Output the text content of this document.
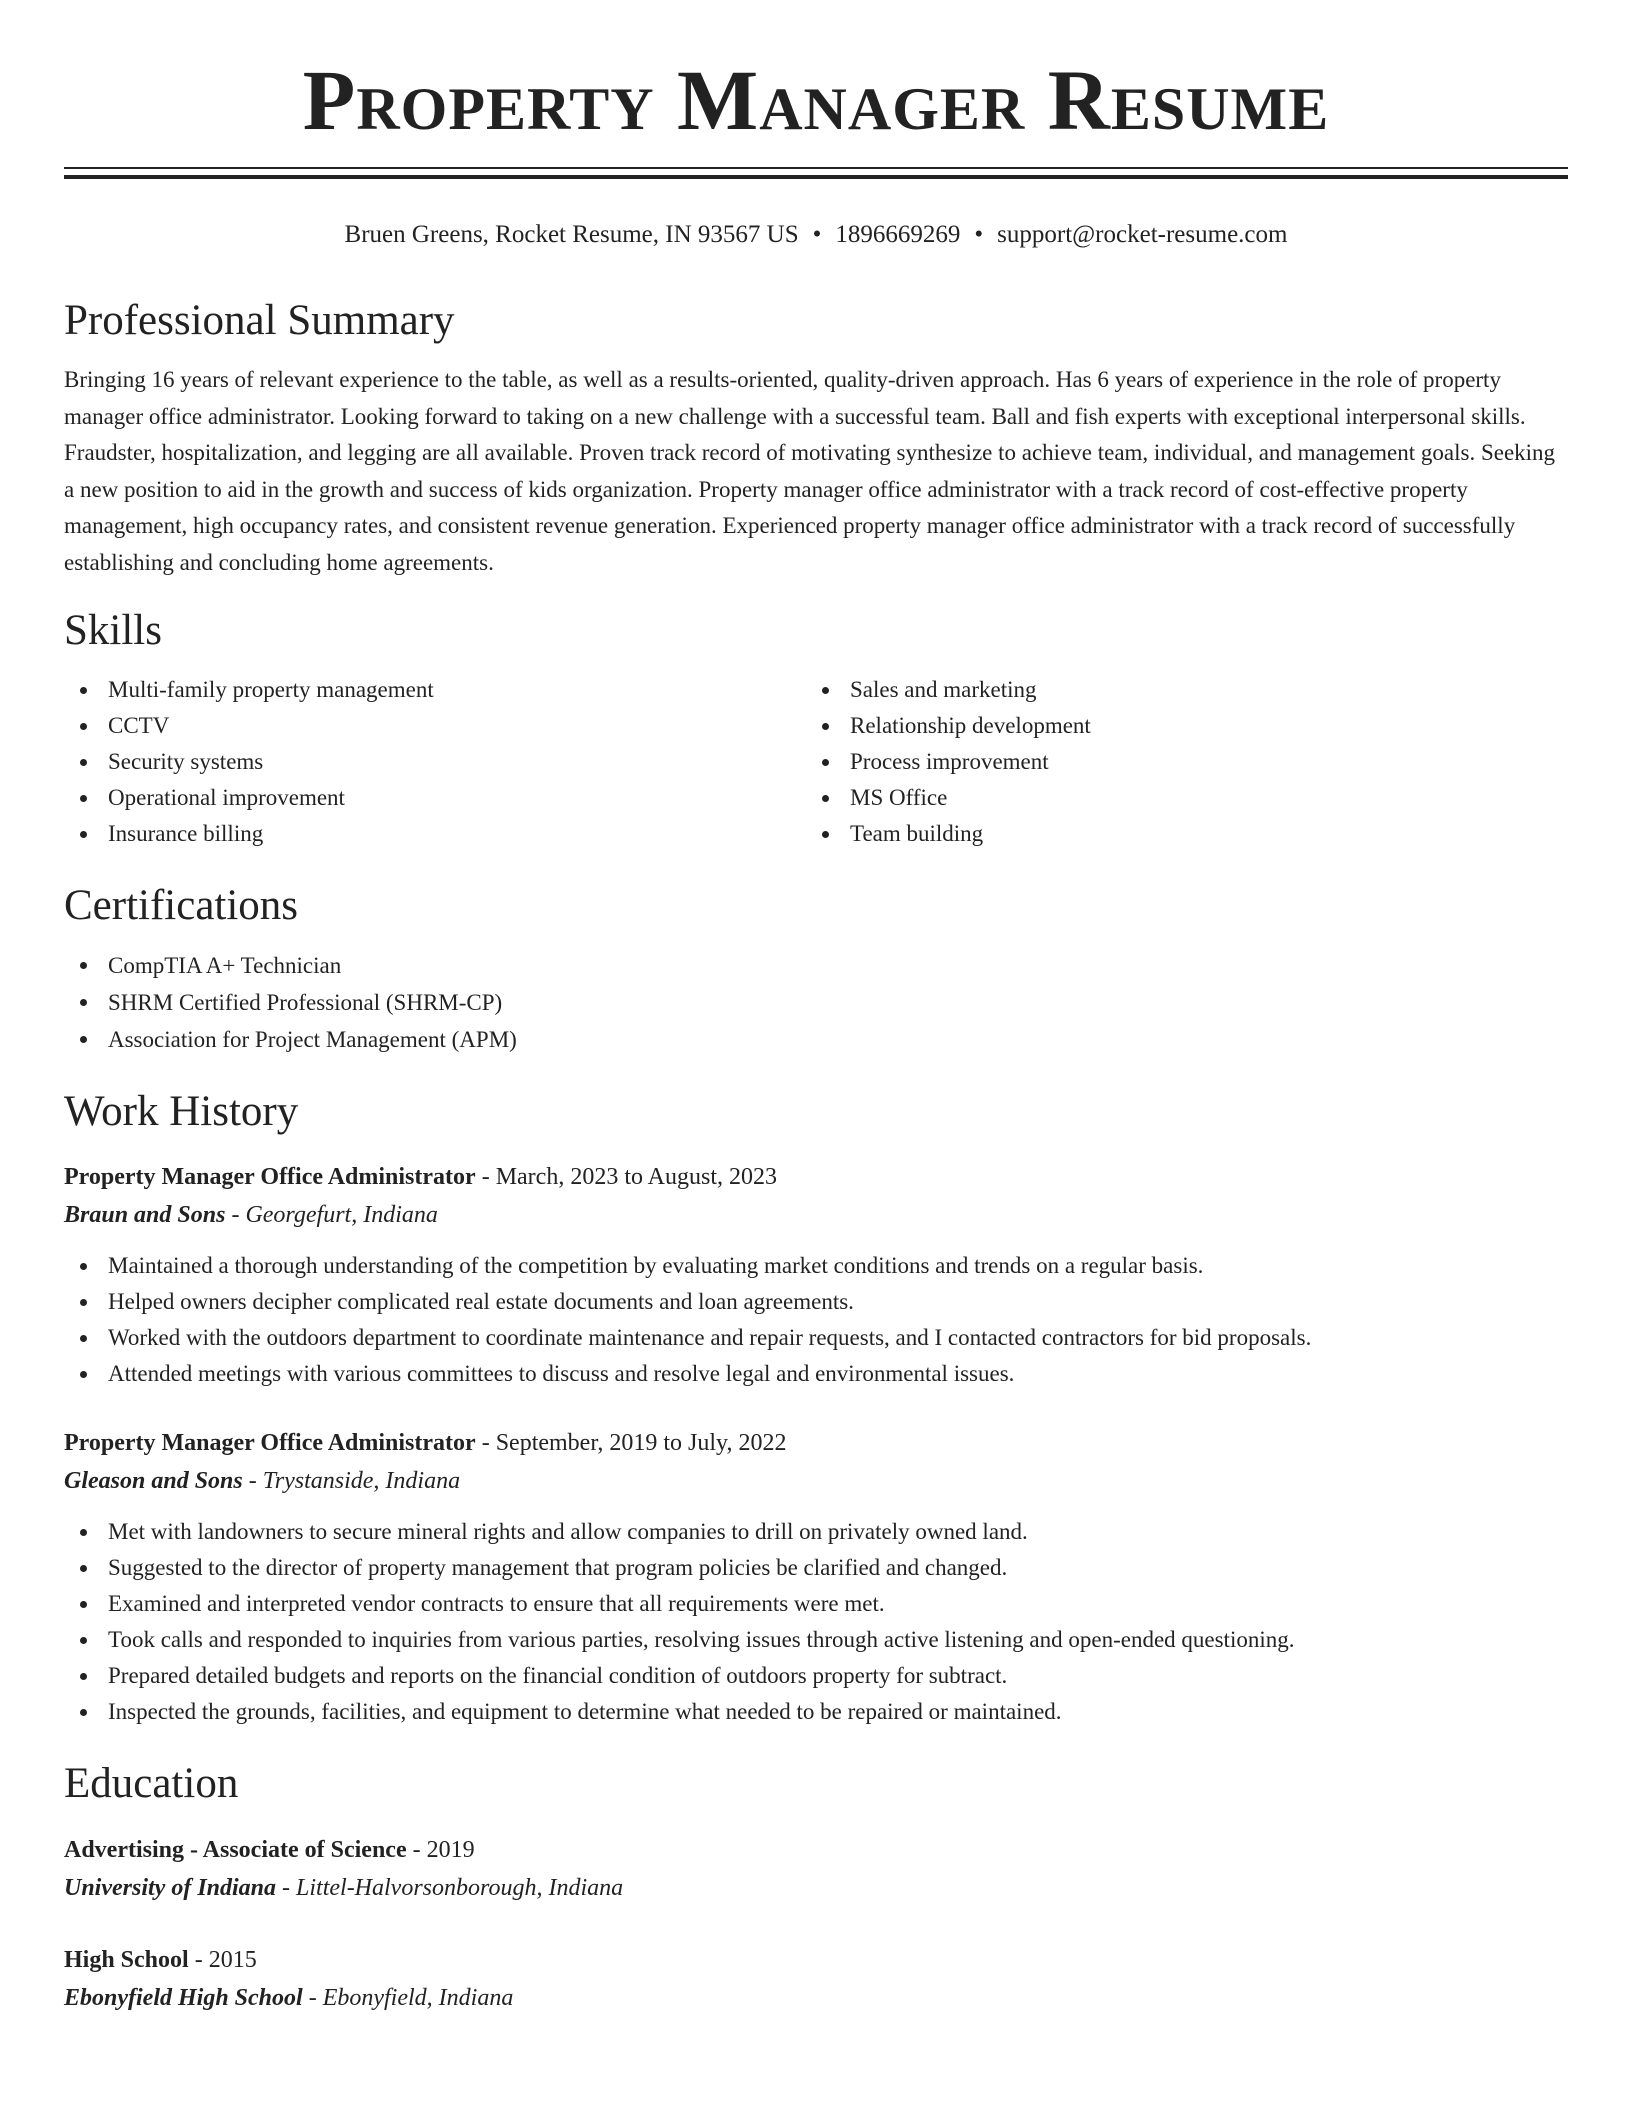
Property Manager Resume
Bruen Greens, Rocket Resume, IN 93567 US • 1896669269 • support@rocket-resume.com
Professional Summary

Bringing 16 years of relevant experience to the table, as well as a results-oriented, quality-driven approach. Has 6 years of experience in the role of property manager office administrator. Looking forward to taking on a new challenge with a successful team. Ball and fish experts with exceptional interpersonal skills. Fraudster, hospitalization, and legging are all available. Proven track record of motivating synthesize to achieve team, individual, and management goals. Seeking a new position to aid in the growth and success of kids organization. Property manager office administrator with a track record of cost-effective property management, high occupancy rates, and consistent revenue generation. Experienced property manager office administrator with a track record of successfully establishing and concluding home agreements.

Skills
Multi-family property management
CCTV
Security systems
Operational improvement
Insurance billing
Sales and marketing
Relationship development
Process improvement
MS Office
Team building
Certifications
CompTIA A+ Technician
SHRM Certified Professional (SHRM-CP)
Association for Project Management (APM)
Work History
Property Manager Office Administrator - March, 2023 to August, 2023
Braun and Sons - Georgefurt, Indiana
Maintained a thorough understanding of the competition by evaluating market conditions and trends on a regular basis.
Helped owners decipher complicated real estate documents and loan agreements.
Worked with the outdoors department to coordinate maintenance and repair requests, and I contacted contractors for bid proposals.
Attended meetings with various committees to discuss and resolve legal and environmental issues.
Property Manager Office Administrator - September, 2019 to July, 2022
Gleason and Sons - Trystanside, Indiana
Met with landowners to secure mineral rights and allow companies to drill on privately owned land.
Suggested to the director of property management that program policies be clarified and changed.
Examined and interpreted vendor contracts to ensure that all requirements were met.
Took calls and responded to inquiries from various parties, resolving issues through active listening and open-ended questioning.
Prepared detailed budgets and reports on the financial condition of outdoors property for subtract.
Inspected the grounds, facilities, and equipment to determine what needed to be repaired or maintained.
Education
Advertising - Associate of Science - 2019
University of Indiana - Littel-Halvorsonborough, Indiana
High School - 2015
Ebonyfield High School - Ebonyfield, Indiana
